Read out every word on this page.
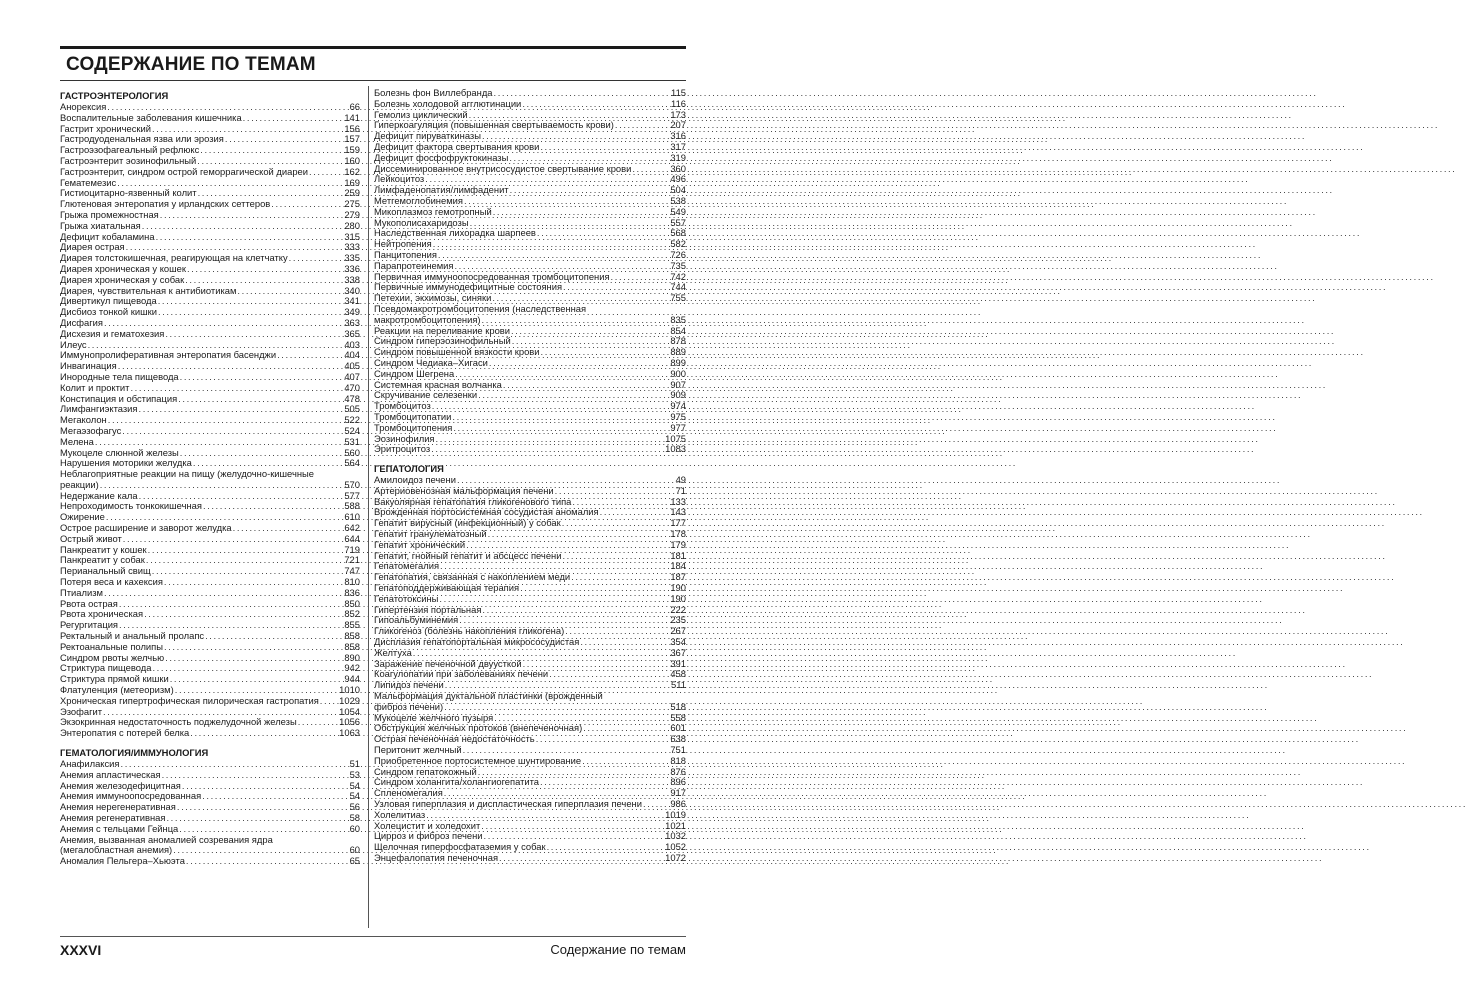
СОДЕРЖАНИЕ ПО ТЕМАМ
ГАСТРОЭНТЕРОЛОГИЯ
Анорексия .....	66
Воспалительные заболевания кишечника .....	141
Гастрит хронический .....	156
Гастродуоденальная язва или эрозия .....	157
Гастроэзофагеальный рефлюкс .....	159
Гастроэнтерит эозинофильный .....	160
Гастроэнтерит, синдром острой геморрагической диареи .....	162
Гематемезис .....	169
Гистиоцитарно-язвенный колит .....	259
Глютеновая энтеропатия у ирландских сеттеров .....	275
Грыжа промежностная .....	279
Грыжа хиатальная .....	280
Дефицит кобаламина .....	315
Диарея острая .....	333
Диарея толстокишечная, реагирующая на клетчатку .....	335
Диарея хроническая у кошек .....	336
Диарея хроническая у собак .....	338
Диарея, чувствительная к антибиотикам .....	340
Дивертикул пищевода .....	341
Дисбиоз тонкой кишки .....	349
Дисфагия .....	363
Дисхезия и гематохезия .....	365
Илеус .....	403
Иммунопролиферативная энтеропатия басенджи .....	404
Инвагинация .....	405
Инородные тела пищевода .....	407
Колит и проктит .....	470
Констипация и обстипация .....	478
Лимфангиэктазия .....	505
Мегаколон .....	522
Мегаэзофагус .....	524
Мелена .....	531
Мукоцеле слюнной железы .....	560
Нарушения моторики желудка .....	564
Неблагоприятные реакции на пищу (желудочно-кишечные
реакции) .....	570
Недержание кала .....	577
Непроходимость тонкокишечная .....	588
Ожирение .....	610
Острое расширение и заворот желудка .....	642
Острый живот .....	644
Панкреатит у кошек .....	719
Панкреатит у собак .....	721
Перианальный свищ .....	747
Потеря веса и кахексия .....	810
Птиализм .....	836
Рвота острая .....	850
Рвота хроническая .....	852
Регургитация .....	855
Ректальный и анальный пролапс .....	858
Ректоанальные полипы .....	858
Синдром рвоты желчью .....	890
Стриктура пищевода .....	942
Стриктура прямой кишки .....	944
Флатуленция (метеоризм) .....	1010
Хроническая гипертрофическая пилорическая гастропатия ..... 1029
Эзофагит .....	1054
Экзокринная недостаточность поджелудочной железы .....	1056
Энтеропатия с потерей белка .....	1063
ГЕМАТОЛОГИЯ/ИММУНОЛОГИЯ
Анафилаксия .....	51
Анемия апластическая .....	53
Анемия железодефицитная .....	54
Анемия иммуноопосредованная .....	54
Анемия нерегенеративная .....	56
Анемия регенеративная .....	58
Анемия с тельцами Гейнца .....	60
Анемия, вызванная аномалией созревания ядра
(мегалобластная анемия) .....	60
Аномалия Пельгера–Хьюэта .....	65
Болезнь фон Виллебранда .....	115
Болезнь холодовой агглютинации .....	116
Гемолиз циклический .....	173
Гиперкоагуляция (повышенная свертываемость крови) .....	207
Дефицит пируваткиназы .....	316
Дефицит фактора свертывания крови .....	317
Дефицит фосфофруктокиназы .....	319
Диссеминированное внутрисосудистое свертывание крови .....	360
Лейкоцитоз .....	496
Лимфаденопатия/лимфаденит .....	504
Метгемоглобинемия .....	538
Микоплазмоз гемотропный .....	549
Мукополисахаридозы .....	557
Наследственная лихорадка шарпеев .....	568
Нейтропения .....	582
Панцитопения .....	726
Парапротеинемия .....	735
Первичная иммуноопосредованная тромбоцитопения .....	742
Первичные иммунодефицитные состояния .....	744
Петехии, экхимозы, синяки .....	755
Псевдомакротромбоцитопения (наследственная
макротромбоцитопения) .....	835
Реакции на переливание крови .....	854
Синдром гиперэозинофильный .....	878
Синдром повышенной вязкости крови .....	889
Синдром Чедиака–Хигаси .....	899
Синдром Шегрена .....	900
Системная красная волчанка .....	907
Скручивание селезенки .....	909
Тромбоцитоз .....	974
Тромбоцитопатии .....	975
Тромбоцитопения .....	977
Эозинофилия .....	1075
Эритроцитоз .....	1083
ГЕПАТОЛОГИЯ
Амилоидоз печени .....	49
Артериовенозная мальформация печени .....	71
Вакуолярная гепатопатия гликогенового типа .....	133
Врожденная портосистемная сосудистая аномалия .....	143
Гепатит вирусный (инфекционный) у собак .....	177
Гепатит гранулематозный .....	178
Гепатит хронический .....	179
Гепатит, гнойный гепатит и абсцесс печени .....	181
Гепатомегалия .....	184
Гепатопатия, связанная с накоплением меди .....	187
Гепатоподдерживающая терапия .....	190
Гепатотоксины .....	190
Гипертензия портальная .....	222
Гипоальбуминемия .....	235
Гликогеноз (болезнь накопления гликогена) .....	267
Дисплазия гепатопортальная микрососудистая .....	354
Желтуха .....	367
Заражение печеночной двуусткой .....	391
Коагулопатии при заболеваниях печени .....	458
Липидоз печени .....	511
Мальформация дуктальной пластинки (врожденный
фиброз печени) .....	518
Мукоцеле желчного пузыря .....	558
Обструкция желчных протоков (внепеченочная) .....	601
Острая печеночная недостаточность .....	638
Перитонит желчный .....	751
Приобретенное портосистемное шунтирование .....	818
Синдром гепатокожный .....	876
Синдром холангита/холангиогепатита .....	896
Спленомегалия .....	917
Узловая гиперплазия и диспластическая гиперплазия печени .....	986
Холелитиаз .....	1019
Холецистит и холедохит .....	1021
Цирроз и фиброз печени .....	1032
Щелочная гиперфосфатаземия у собак .....	1052
Энцефалопатия печеночная .....	1072
XXXVI	Содержание по темам
